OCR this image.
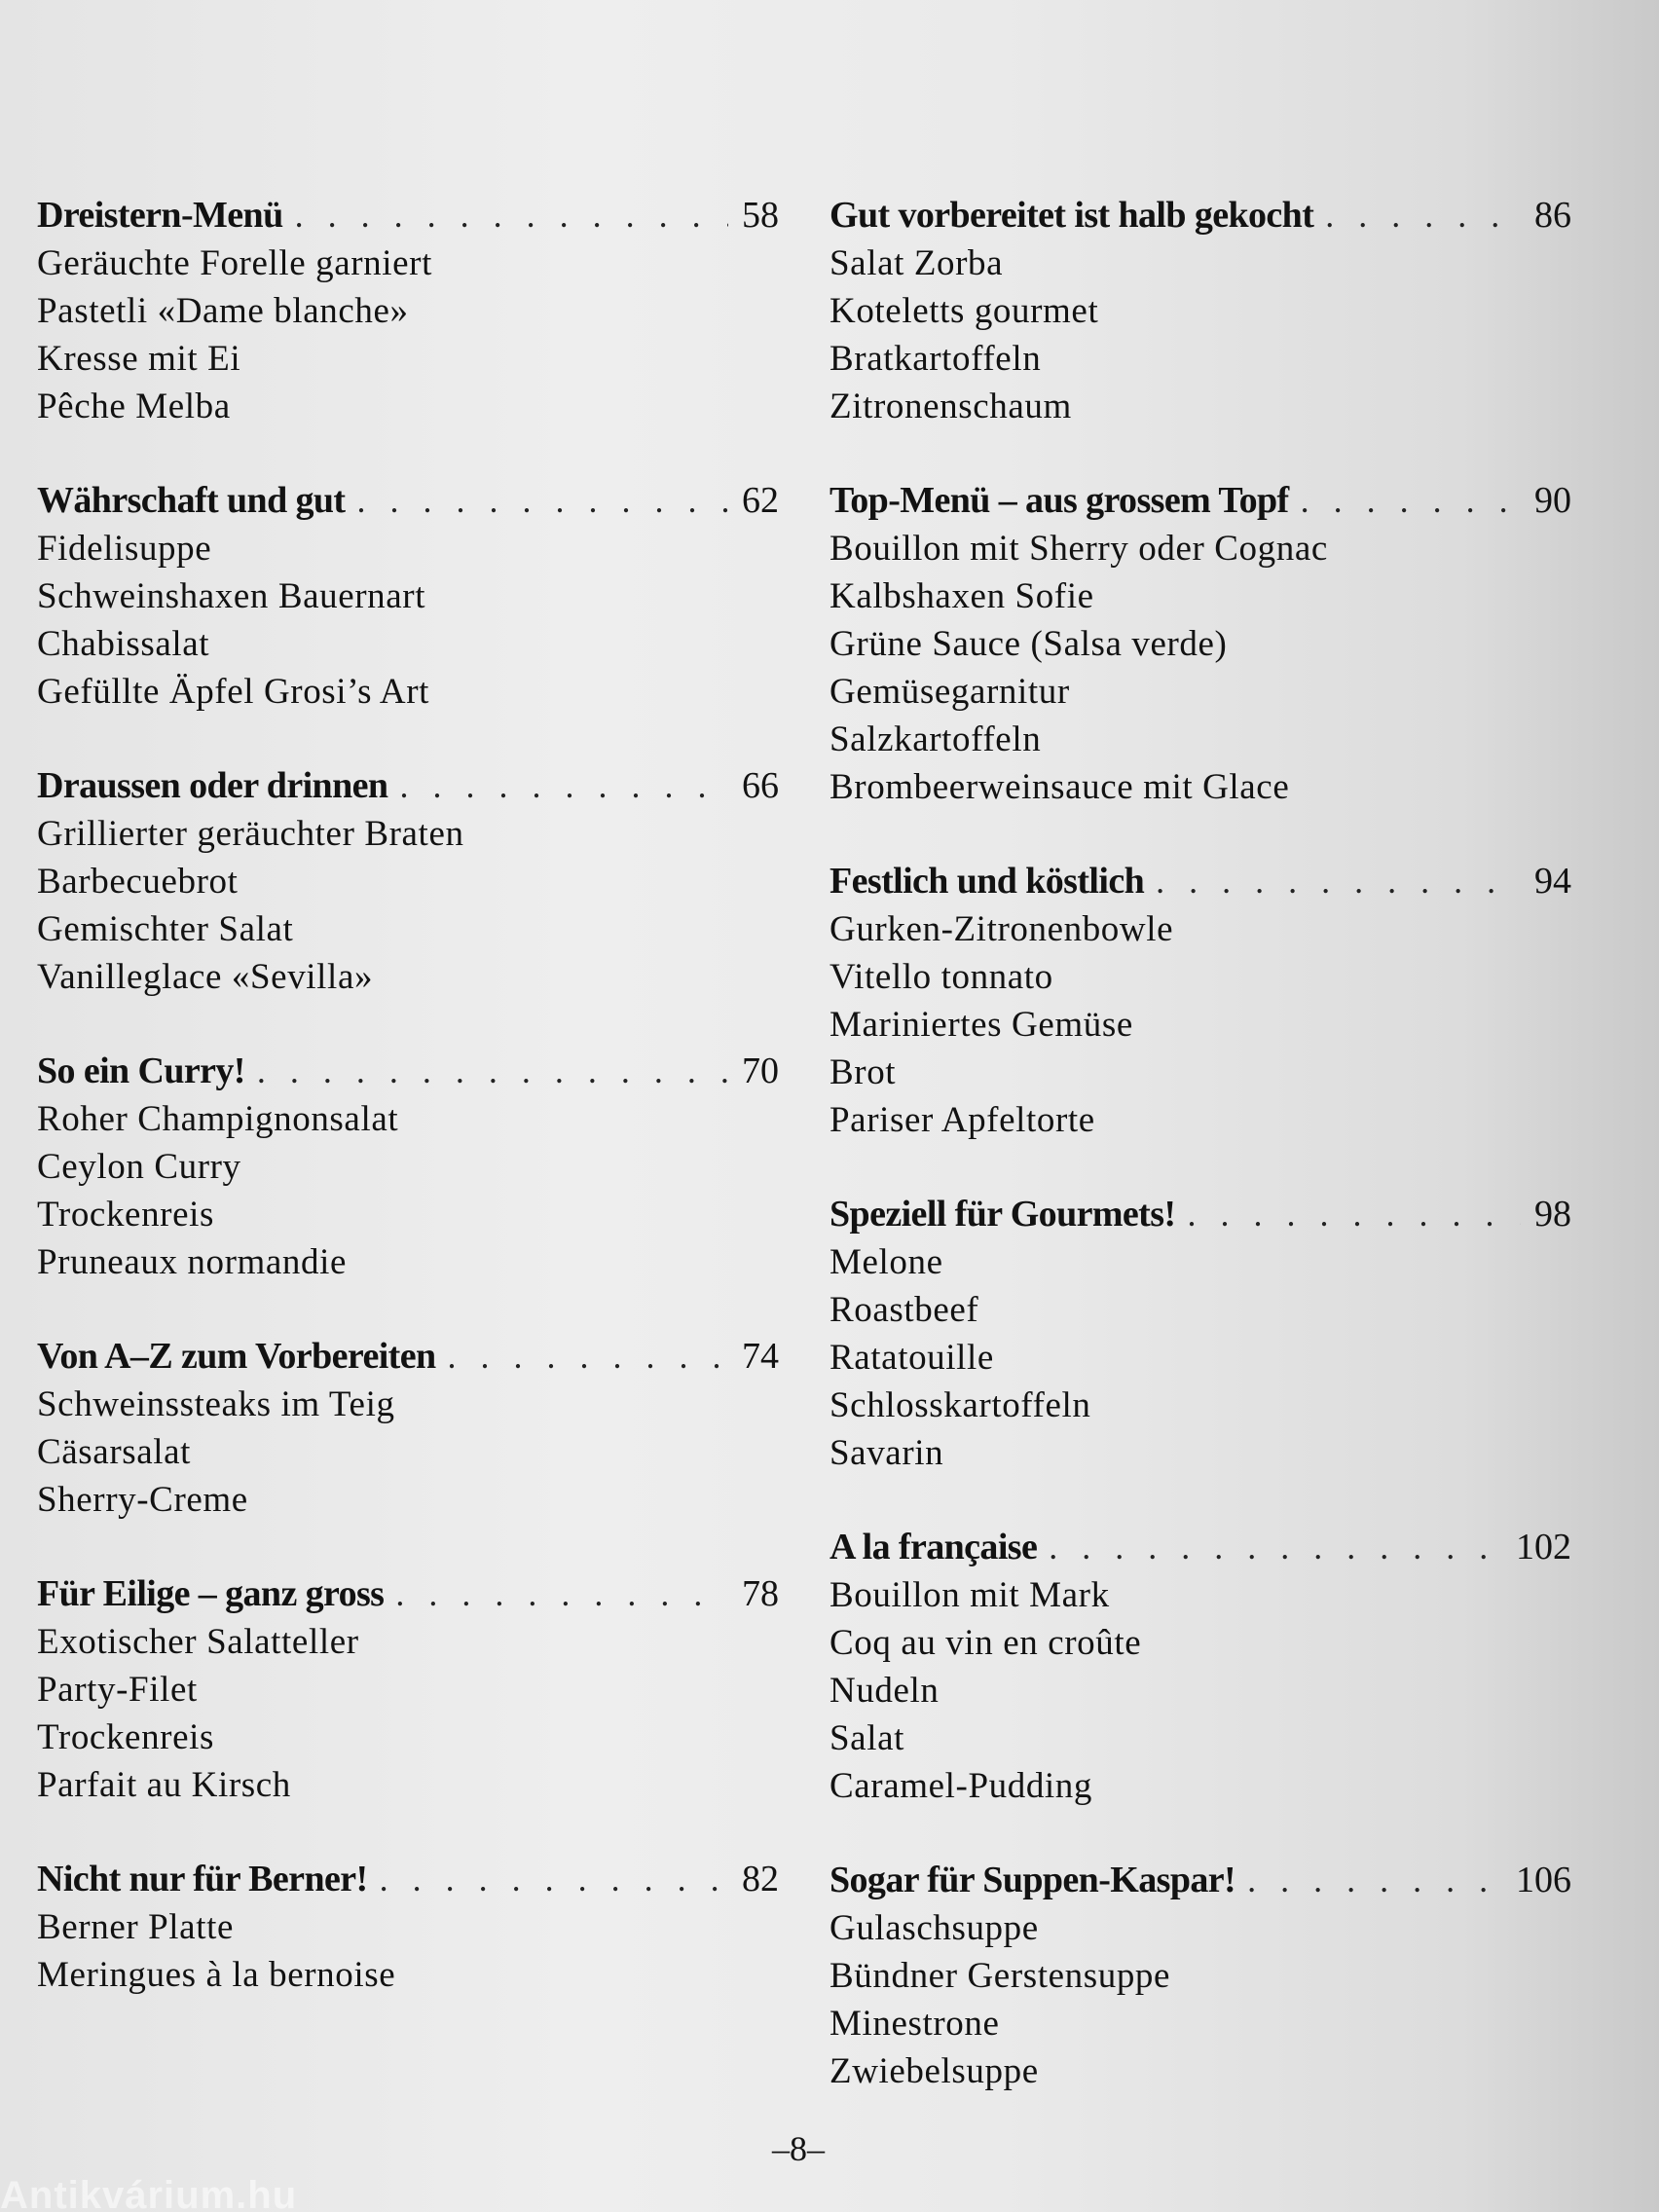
Dreistern-Menü . . .	58
Geräuchte Forelle garniert
Pastetli «Dame blanche»
Kresse mit Ei
Pêche Melba
Währschaft und gut . . .	62
Fidelisuppe
Schweinshaxen Bauernart
Chabissalat
Gefüllte Äpfel Grosi’s Art
Draussen oder drinnen . . .	66
Grillierter geräuchter Braten
Barbecuebrot
Gemischter Salat
Vanilleglace «Sevilla»
So ein Curry! . . .	70
Roher Champignonsalat
Ceylon Curry
Trockenreis
Pruneaux normandie
Von A–Z zum Vorbereiten . . .	74
Schweinssteaks im Teig
Cäsarsalat
Sherry-Creme
Für Eilige – ganz gross . . .	78
Exotischer Salatteller
Party-Filet
Trockenreis
Parfait au Kirsch
Nicht nur für Berner! . . .	82
Berner Platte
Meringues à la bernoise
Gut vorbereitet ist halb gekocht . . .	86
Salat Zorba
Koteletts gourmet
Bratkartoffeln
Zitronenschaum
Top-Menü – aus grossem Topf . . .	90
Bouillon mit Sherry oder Cognac
Kalbshaxen Sofie
Grüne Sauce (Salsa verde)
Gemüsegarnitur
Salzkartoffeln
Brombeerweinsauce mit Glace
Festlich und köstlich . . .	94
Gurken-Zitronenbowle
Vitello tonnato
Mariniertes Gemüse
Brot
Pariser Apfeltorte
Speziell für Gourmets! . . .	98
Melone
Roastbeef
Ratatouille
Schlosskartoffeln
Savarin
A la française . . .	102
Bouillon mit Mark
Coq au vin en croûte
Nudeln
Salat
Caramel-Pudding
Sogar für Suppen-Kaspar! . . .	106
Gulaschsuppe
Bündner Gerstensuppe
Minestrone
Zwiebelsuppe
–8–
Antikvárium.hu
